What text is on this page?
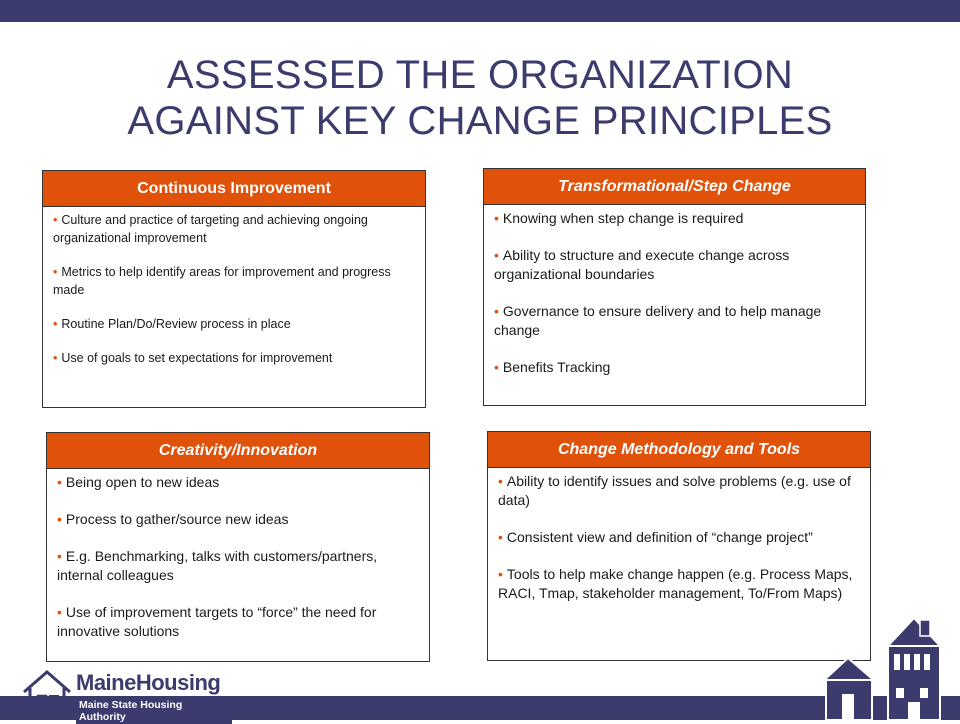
ASSESSED THE ORGANIZATION
AGAINST KEY CHANGE PRINCIPLES
Continuous Improvement

• Culture and practice of targeting and achieving ongoing organizational improvement

• Metrics to help identify areas for improvement and progress made

• Routine Plan/Do/Review process in place

• Use of goals to set expectations for improvement

Transformational/Step Change

• Knowing when step change is required

• Ability to structure and execute change across organizational boundaries

• Governance to ensure delivery and to help manage change

• Benefits Tracking

Creativity/Innovation

• Being open to new ideas

• Process to gather/source new ideas

• E.g. Benchmarking, talks with customers/partners, internal colleagues

• Use of improvement targets to “force” the need for innovative solutions

Change Methodology and Tools

• Ability to identify issues and solve problems (e.g. use of data)

• Consistent view and definition of “change project”

• Tools to help make change happen (e.g. Process Maps, RACI, Tmap, stakeholder management, To/From Maps)

MaineHousing
Maine State Housing Authority
